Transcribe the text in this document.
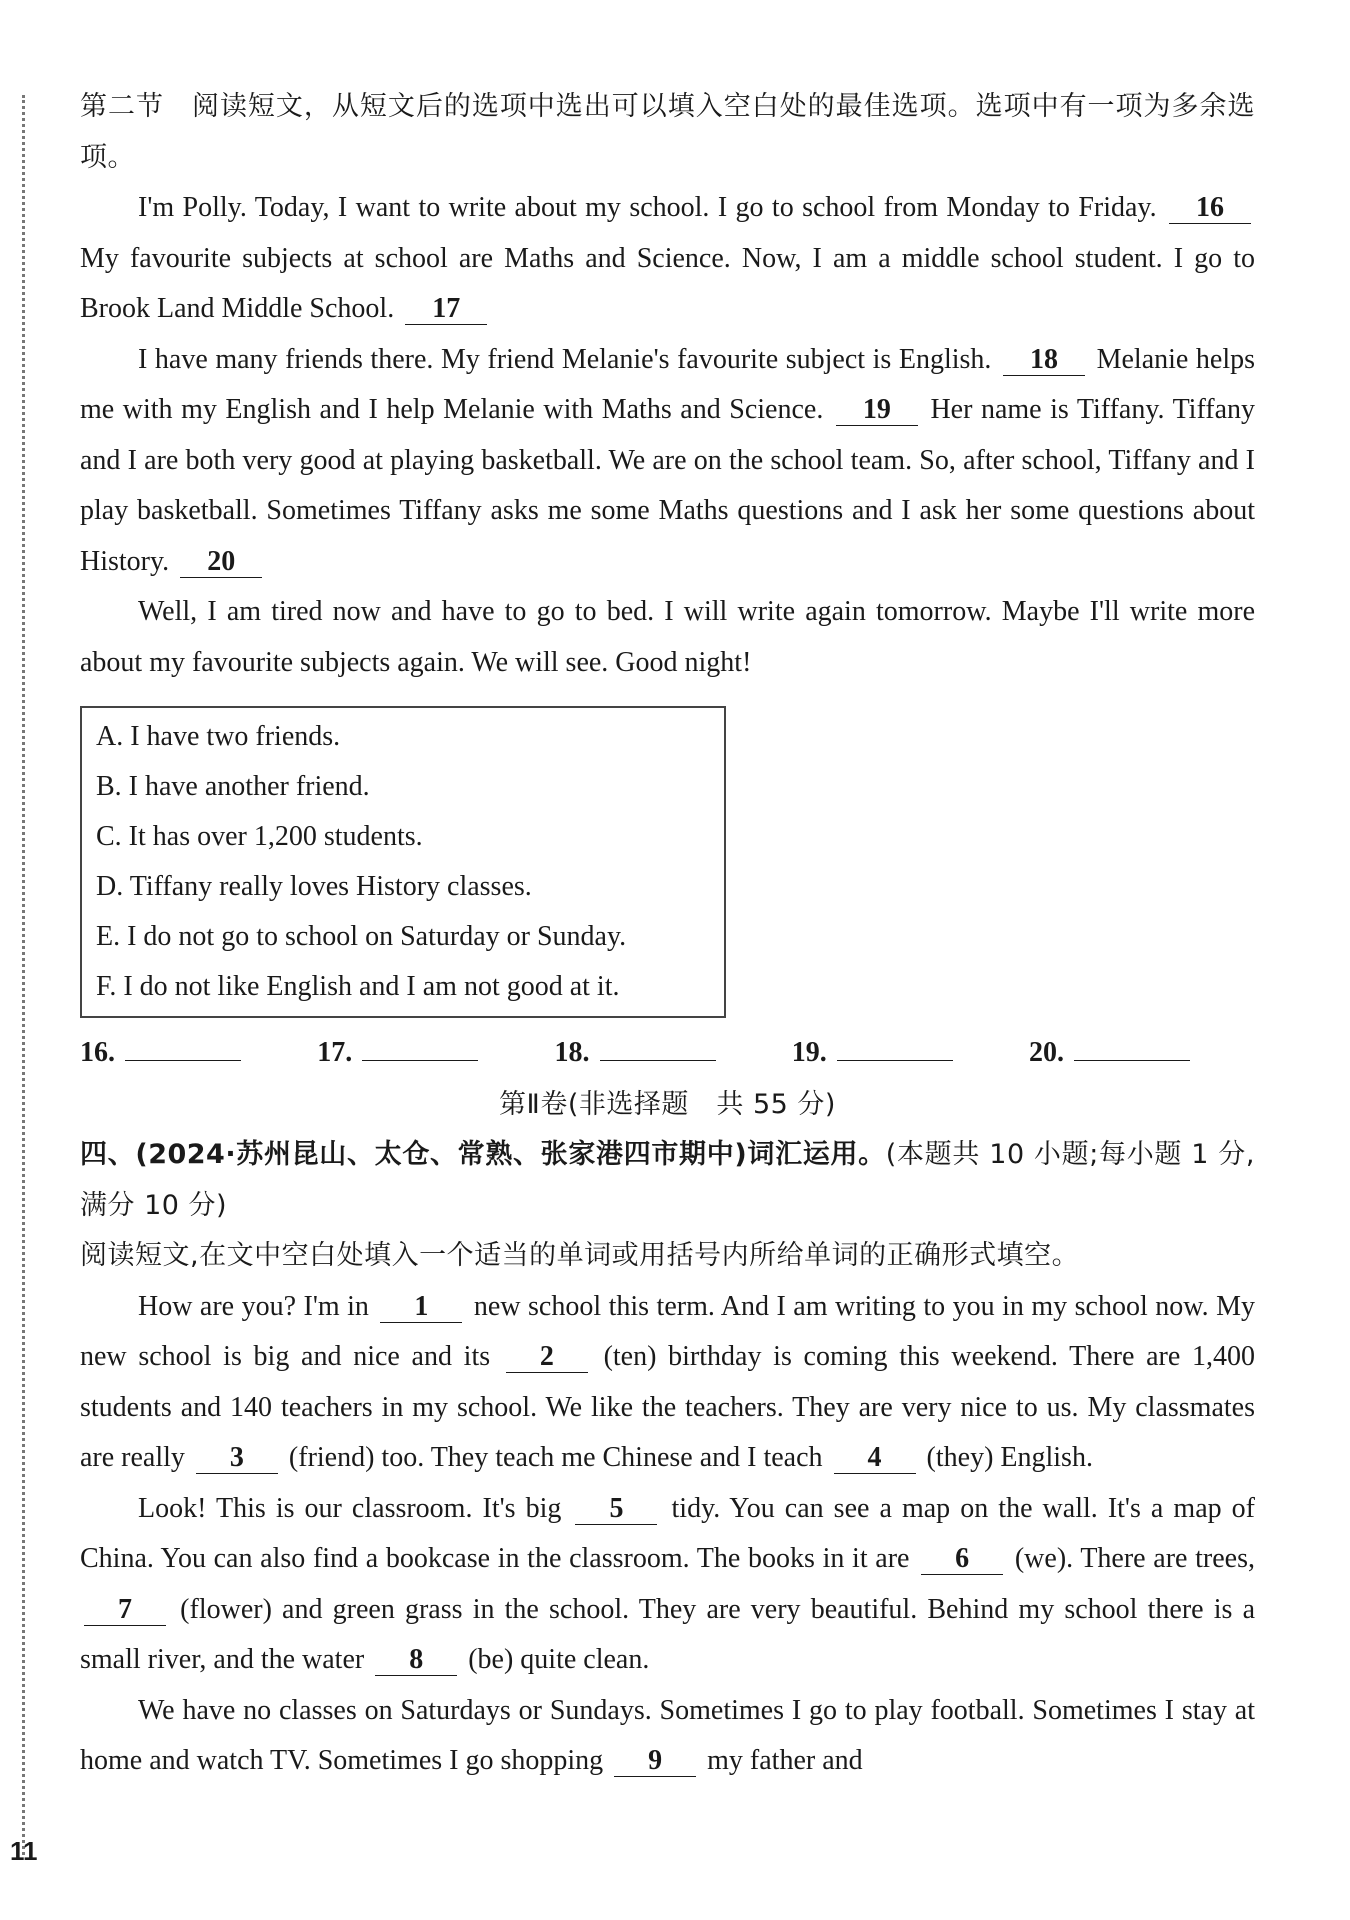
第二节　阅读短文，从短文后的选项中选出可以填入空白处的最佳选项。选项中有一项为多余选项。

I'm Polly. Today, I want to write about my school. I go to school from Monday to Friday. 16 My favourite subjects at school are Maths and Science. Now, I am a middle school student. I go to Brook Land Middle School. 17

I have many friends there. My friend Melanie's favourite subject is English. 18 Melanie helps me with my English and I help Melanie with Maths and Science. 19 Her name is Tiffany. Tiffany and I are both very good at playing basketball. We are on the school team. So, after school, Tiffany and I play basketball. Sometimes Tiffany asks me some Maths questions and I ask her some questions about History. 20

Well, I am tired now and have to go to bed. I will write again tomorrow. Maybe I'll write more about my favourite subjects again. We will see. Good night!

A. I have two friends.
B. I have another friend.
C. It has over 1,200 students.
D. Tiffany really loves History classes.
E. I do not go to school on Saturday or Sunday.
F. I do not like English and I am not good at it.
16.	17.	18.	19.	20.
第Ⅱ卷(非选择题　共 55 分)

四、(2024·苏州昆山、太仓、常熟、张家港四市期中)词汇运用。(本题共 10 小题;每小题 1 分,满分 10 分)

阅读短文,在文中空白处填入一个适当的单词或用括号内所给单词的正确形式填空。

How are you? I'm in 1 new school this term. And I am writing to you in my school now. My new school is big and nice and its 2 (ten) birthday is coming this weekend. There are 1,400 students and 140 teachers in my school. We like the teachers. They are very nice to us. My classmates are really 3 (friend) too. They teach me Chinese and I teach 4 (they) English.

Look! This is our classroom. It's big 5 tidy. You can see a map on the wall. It's a map of China. You can also find a bookcase in the classroom. The books in it are 6 (we). There are trees, 7 (flower) and green grass in the school. They are very beautiful. Behind my school there is a small river, and the water 8 (be) quite clean.

We have no classes on Saturdays or Sundays. Sometimes I go to play football. Sometimes I stay at home and watch TV. Sometimes I go shopping 9 my father and

11
